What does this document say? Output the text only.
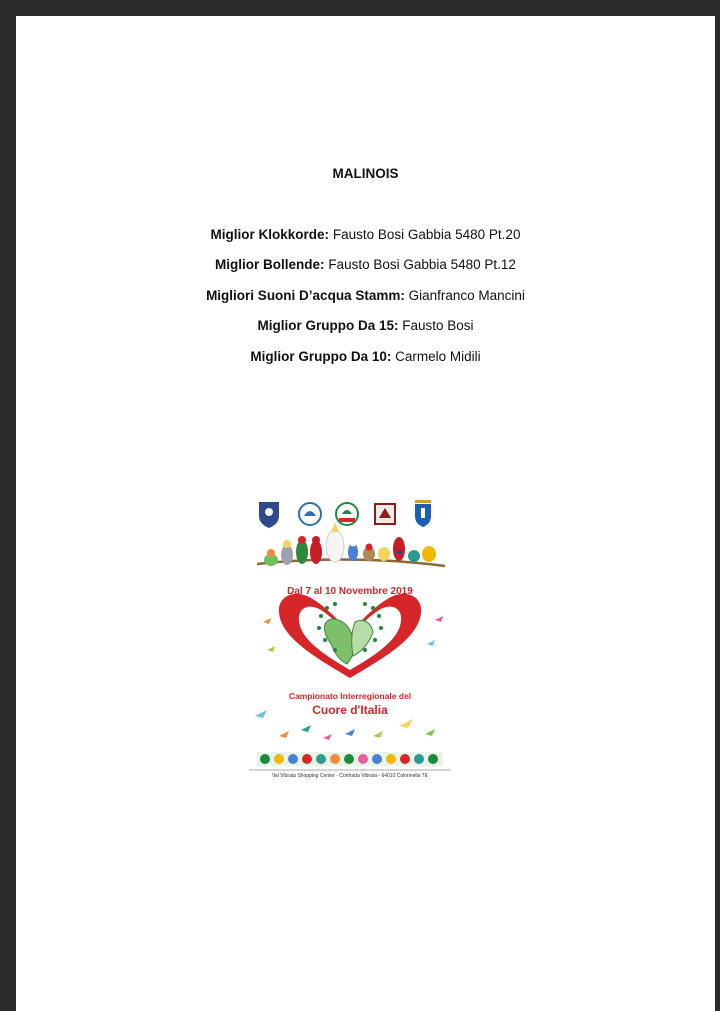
MALINOIS
Miglior Klokkorde: Fausto Bosi Gabbia 5480 Pt.20
Miglior Bollende: Fausto Bosi Gabbia 5480 Pt.12
Migliori Suoni D’acqua Stamm: Gianfranco Mancini
Miglior Gruppo Da 15: Fausto Bosi
Miglior Gruppo Da 10: Carmelo Midili
Dal 7 al 10 Novembre 2019
Campionato Interregionale del
Cuore d'Italia
Val Vibrata Shopping Center - Contrada Vibrata - 64010 Colonnella TE
